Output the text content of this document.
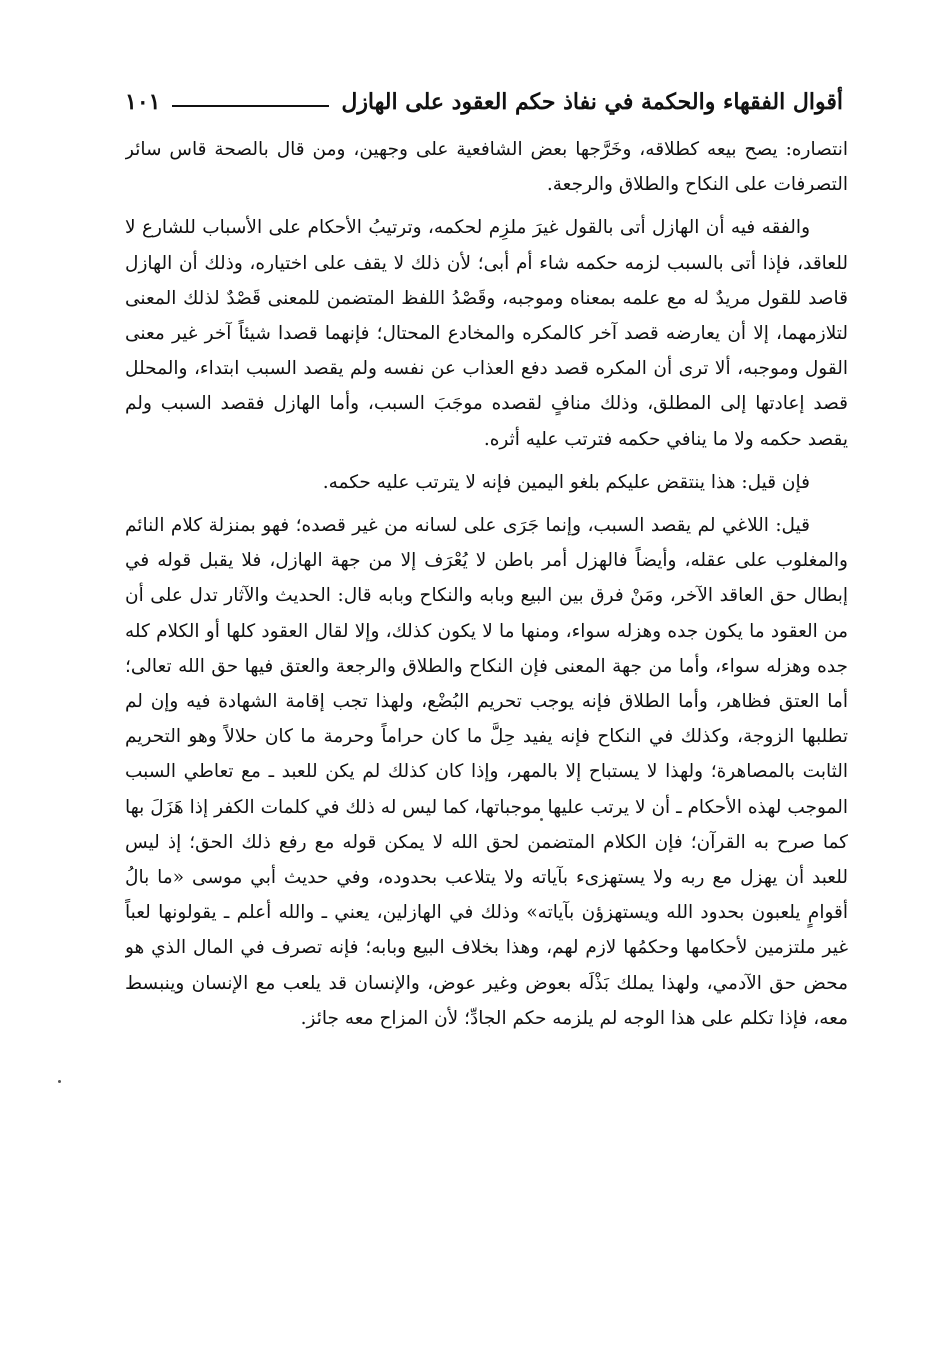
أقوال الفقهاء والحكمة في نفاذ حكم العقود على الهازل
١٠١

انتصاره: يصح بيعه كطلاقه، وخَرَّجها بعض الشافعية على وجهين، ومن قال بالصحة قاس سائر التصرفات على النكاح والطلاق والرجعة.

والفقه فيه أن الهازل أتى بالقول غيرَ ملزِم لحكمه، وترتيبُ الأحكام على الأسباب للشارع لا للعاقد، فإذا أتى بالسبب لزمه حكمه شاء أم أبى؛ لأن ذلك لا يقف على اختياره، وذلك أن الهازل قاصد للقول مريدٌ له مع علمه بمعناه وموجبه، وقَصْدُ اللفظ المتضمن للمعنى قَصْدٌ لذلك المعنى لتلازمهما، إلا أن يعارضه قصد آخر كالمكره والمخادع المحتال؛ فإنهما قصدا شيئاً آخر غير معنى القول وموجبه، ألا ترى أن المكره قصد دفع العذاب عن نفسه ولم يقصد السبب ابتداء، والمحلل قصد إعادتها إلى المطلق، وذلك منافٍ لقصده موجَبَ السبب، وأما الهازل فقصد السبب ولم يقصد حكمه ولا ما ينافي حكمه فترتب عليه أثره.

فإن قيل: هذا ينتقض عليكم بلغو اليمين فإنه لا يترتب عليه حكمه.

قيل: اللاغي لم يقصد السبب، وإنما جَرَى على لسانه من غير قصده؛ فهو بمنزلة كلام النائم والمغلوب على عقله، وأيضاً فالهزل أمر باطن لا يُعْرَف إلا من جهة الهازل، فلا يقبل قوله في إبطال حق العاقد الآخر، ومَنْ فرق بين البيع وبابه والنكاح وبابه قال: الحديث والآثار تدل على أن من العقود ما يكون جده وهزله سواء، ومنها ما لا يكون كذلك، وإلا لقال العقود كلها أو الكلام كله جده وهزله سواء، وأما من جهة المعنى فإن النكاح والطلاق والرجعة والعتق فيها حق الله تعالى؛ أما العتق فظاهر، وأما الطلاق فإنه يوجب تحريم البُضْع، ولهذا تجب إقامة الشهادة فيه وإن لم تطلبها الزوجة، وكذلك في النكاح فإنه يفيد حِلَّ ما كان حراماً وحرمة ما كان حلالاً وهو التحريم الثابت بالمصاهرة؛ ولهذا لا يستباح إلا بالمهر، وإذا كان كذلك لم يكن للعبد ـ مع تعاطي السبب الموجب لهذه الأحكام ـ أن لا يرتب عليها موجباتها، كما ليس له ذلك في كلمات الكفر إذا هَزَلَ بها كما صرح به القرآن؛ فإن الكلام المتضمن لحق الله لا يمكن قوله مع رفع ذلك الحق؛ إذ ليس للعبد أن يهزل مع ربه ولا يستهزىء بآياته ولا يتلاعب بحدوده، وفي حديث أبي موسى «ما بالُ أقوامٍ يلعبون بحدود الله ويستهزؤن بآياته» وذلك في الهازلين، يعني ـ والله أعلم ـ يقولونها لعباً غير ملتزمين لأحكامها وحكمُها لازم لهم، وهذا بخلاف البيع وبابه؛ فإنه تصرف في المال الذي هو محض حق الآدمي، ولهذا يملك بَذْلَه بعوض وغير عوض، والإنسان قد يلعب مع الإنسان وينبسط معه، فإذا تكلم على هذا الوجه لم يلزمه حكم الجادِّ؛ لأن المزاح معه جائز.
